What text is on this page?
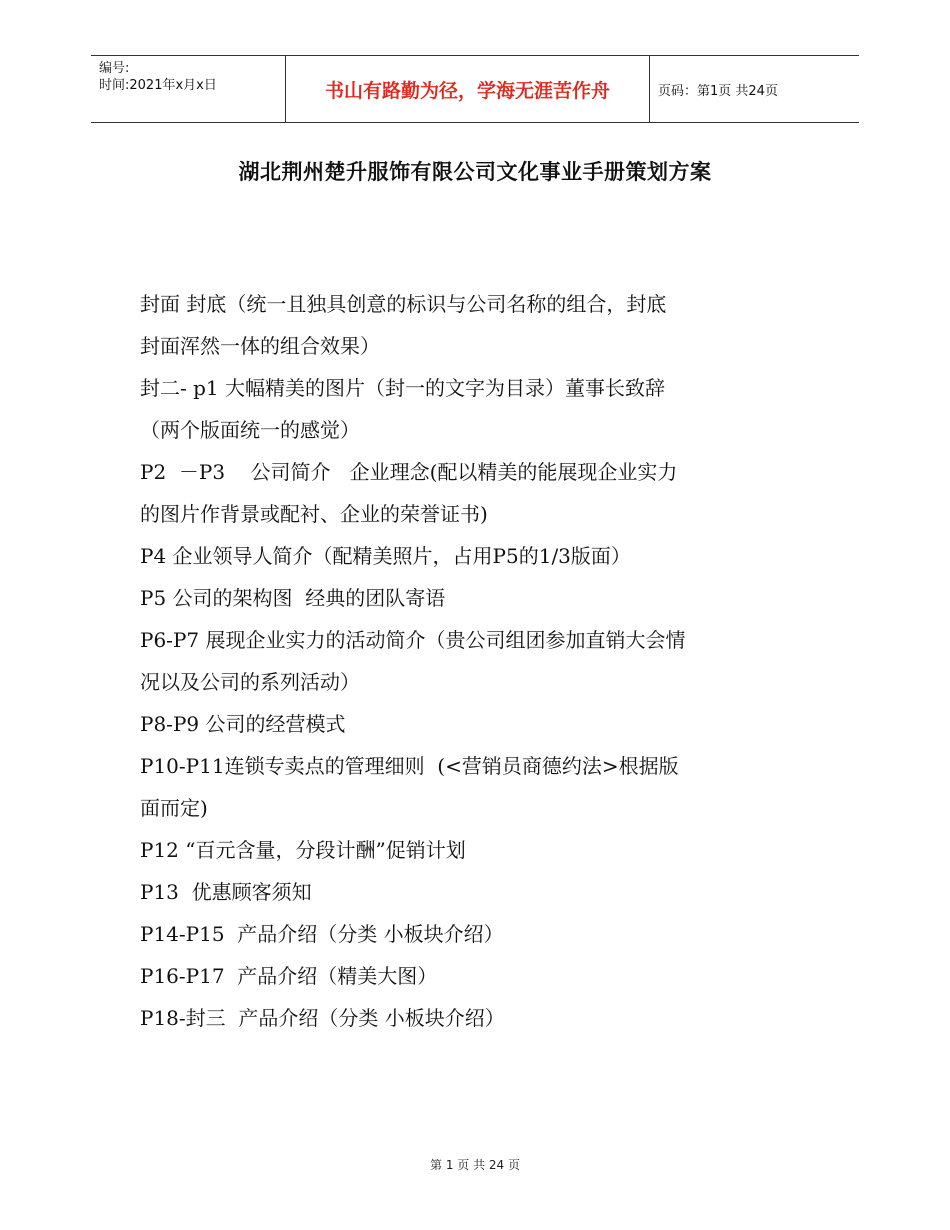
编号:
时间:2021年x月x日	书山有路勤为径，学海无涯苦作舟	页码：第1页 共24页
湖北荆州楚升服饰有限公司文化事业手册策划方案
封面 封底（统一且独具创意的标识与公司名称的组合，封底
封面浑然一体的组合效果）
封二- p1 大幅精美的图片（封一的文字为目录）董事长致辞
（两个版面统一的感觉）
P2  －P3    公司简介   企业理念(配以精美的能展现企业实力
的图片作背景或配衬、企业的荣誉证书)
P4 企业领导人简介（配精美照片，占用P5的1/3版面）
P5 公司的架构图  经典的团队寄语
P6-P7 展现企业实力的活动简介（贵公司组团参加直销大会情
况以及公司的系列活动）
P8-P9 公司的经营模式
P10-P11连锁专卖点的管理细则  (<营销员商德约法>根据版
面而定)
P12 “百元含量，分段计酬”促销计划
P13  优惠顾客须知
P14-P15  产品介绍（分类 小板块介绍）
P16-P17  产品介绍（精美大图）
P18-封三  产品介绍（分类 小板块介绍）
第 1 页 共 24 页
